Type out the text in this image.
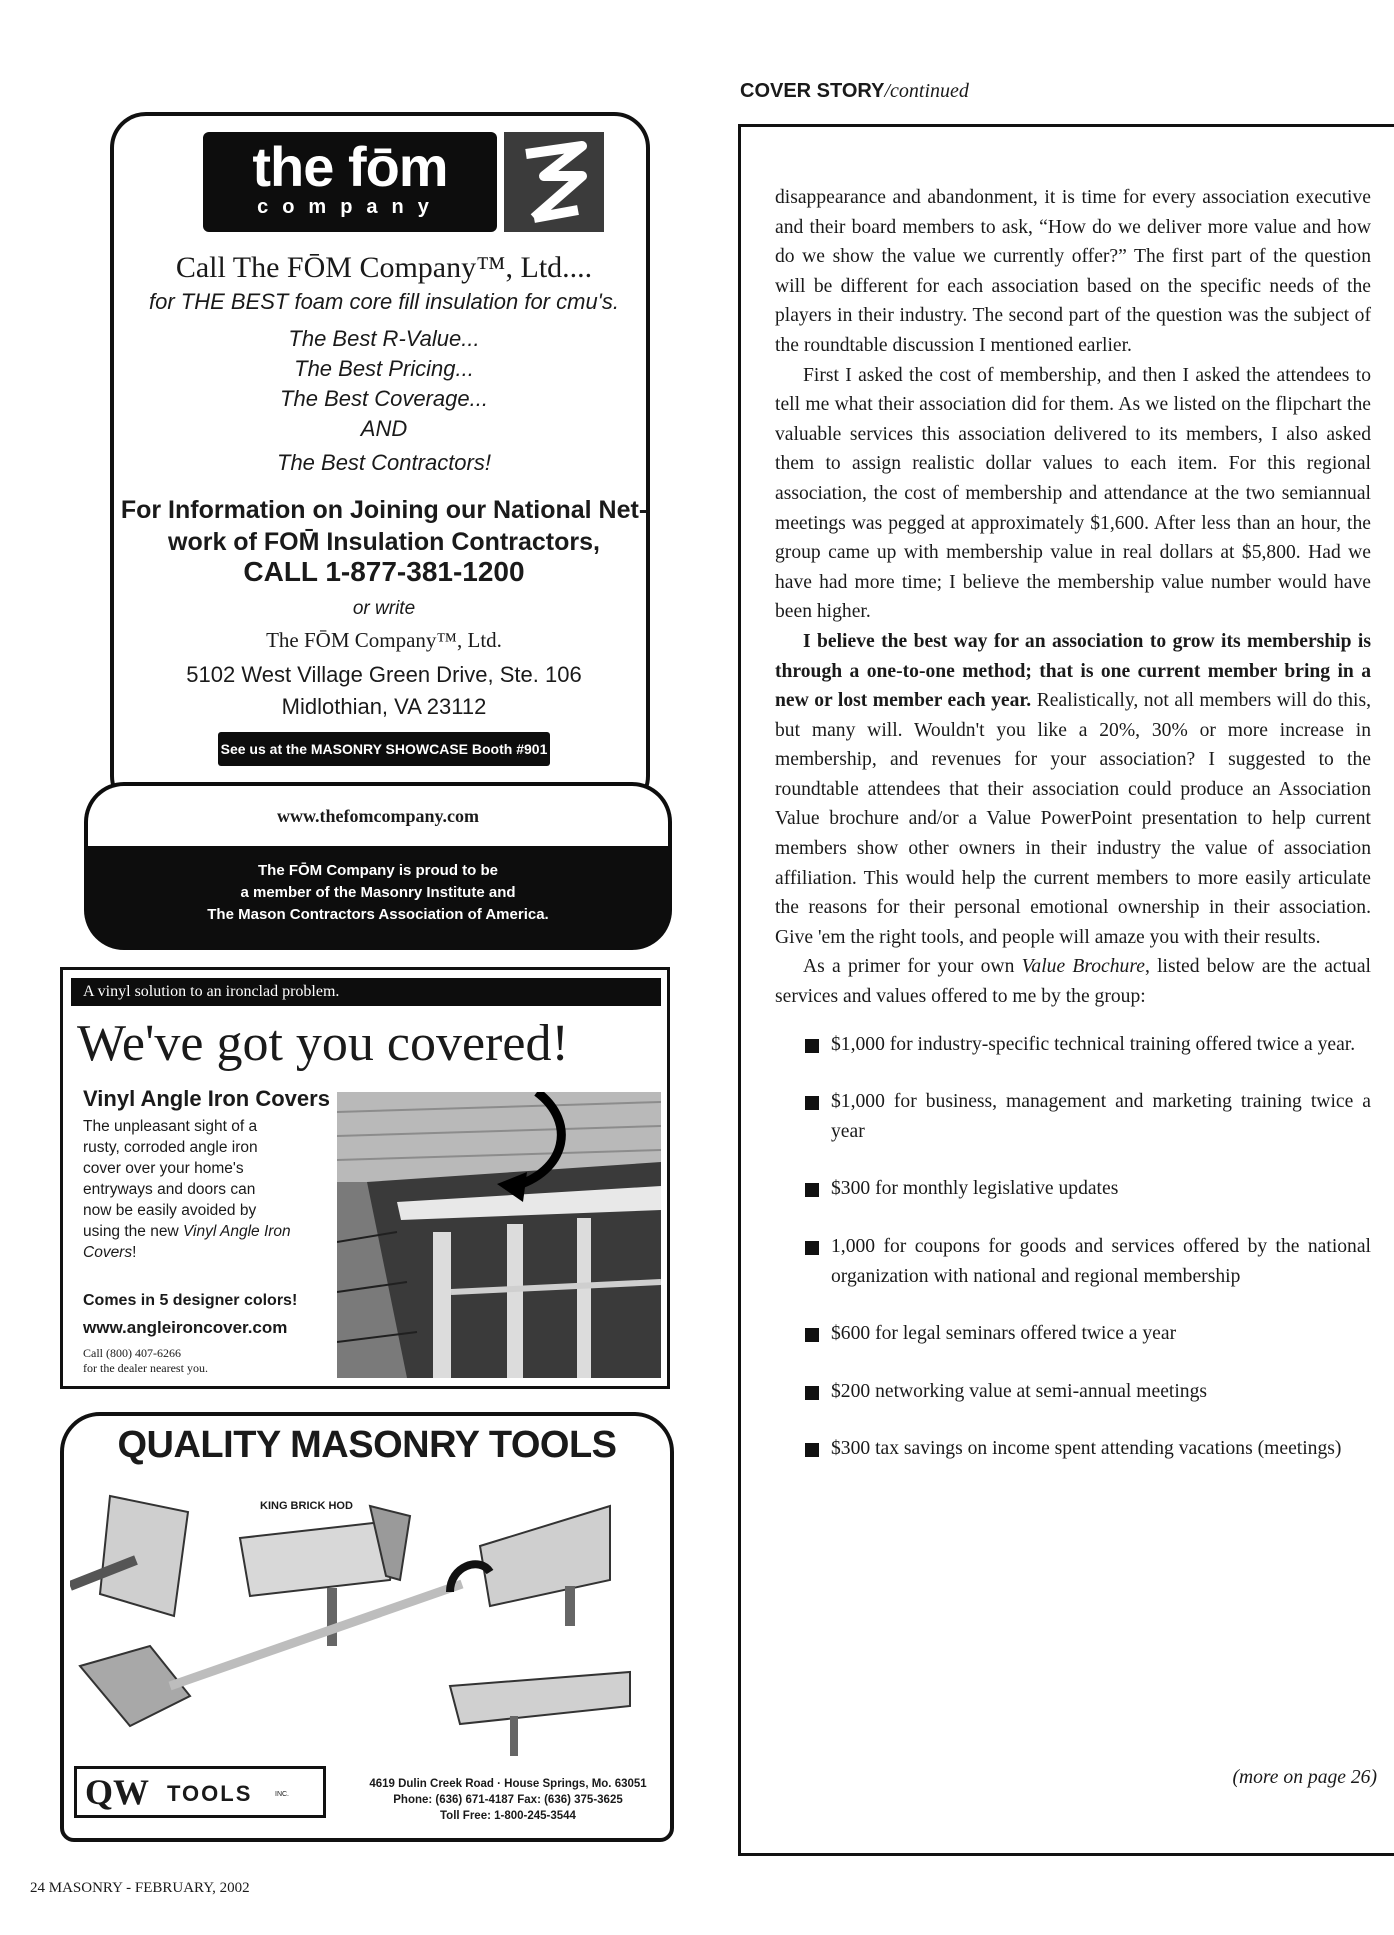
the fōm
company
Call The FŌM Company™, Ltd....
for THE BEST foam core fill insulation for cmu's.
The Best R-Value...
The Best Pricing...
The Best Coverage...
AND
The Best Contractors!
For Information on Joining our National Net-
work of FOM̄ Insulation Contractors,
CALL 1-877-381-1200
or write
The FŌM Company™, Ltd.
5102 West Village Green Drive, Ste. 106
Midlothian, VA 23112
See us at the MASONRY SHOWCASE Booth #901
www.thefomcompany.com
The FŌM Company is proud to be
a member of the Masonry Institute and
The Mason Contractors Association of America.
A vinyl solution to an ironclad problem.
We've got you covered!
Vinyl Angle Iron Covers
The unpleasant sight of a
rusty, corroded angle iron
cover over your home's
entryways and doors can
now be easily avoided by
using the new Vinyl Angle Iron Covers!
Comes in 5 designer colors!
www.angleironcover.com
Call (800) 407-6266
for the dealer nearest you.
QUALITY MASONRY TOOLS
KING BRICK HOD
QW TOOLS	INC.
4619 Dulin Creek Road · House Springs, Mo. 63051
Phone: (636) 671-4187 Fax: (636) 375-3625
Toll Free: 1-800-245-3544
COVER STORY/continued

disappearance and abandonment, it is time for every association executive and their board members to ask, “How do we deliver more value and how do we show the value we currently offer?” The first part of the question will be different for each association based on the specific needs of the players in their industry. The second part of the question was the subject of the roundtable discussion I mentioned earlier.

First I asked the cost of membership, and then I asked the attendees to tell me what their association did for them. As we listed on the flipchart the valuable services this association delivered to its members, I also asked them to assign realistic dollar values to each item. For this regional association, the cost of membership and attendance at the two semiannual meetings was pegged at approximately $1,600. After less than an hour, the group came up with membership value in real dollars at $5,800. Had we have had more time; I believe the membership value number would have been higher.

I believe the best way for an association to grow its membership is through a one-to-one method; that is one current member bring in a new or lost member each year. Realistically, not all members will do this, but many will. Wouldn't you like a 20%, 30% or more increase in membership, and revenues for your association? I suggested to the roundtable attendees that their association could produce an Association Value brochure and/or a Value PowerPoint presentation to help current members show other owners in their industry the value of association affiliation. This would help the current members to more easily articulate the reasons for their personal emotional ownership in their association. Give 'em the right tools, and people will amaze you with their results.

As a primer for your own Value Brochure, listed below are the actual services and values offered to me by the group:

$1,000 for industry-specific technical training offered twice a year.
$1,000 for business, management and marketing training twice a year
$300 for monthly legislative updates
1,000 for coupons for goods and services offered by the national organization with national and regional membership
$600 for legal seminars offered twice a year
$200 networking value at semi-annual meetings
$300 tax savings on income spent attending vacations (meetings)
(more on page 26)
24 MASONRY - FEBRUARY, 2002
